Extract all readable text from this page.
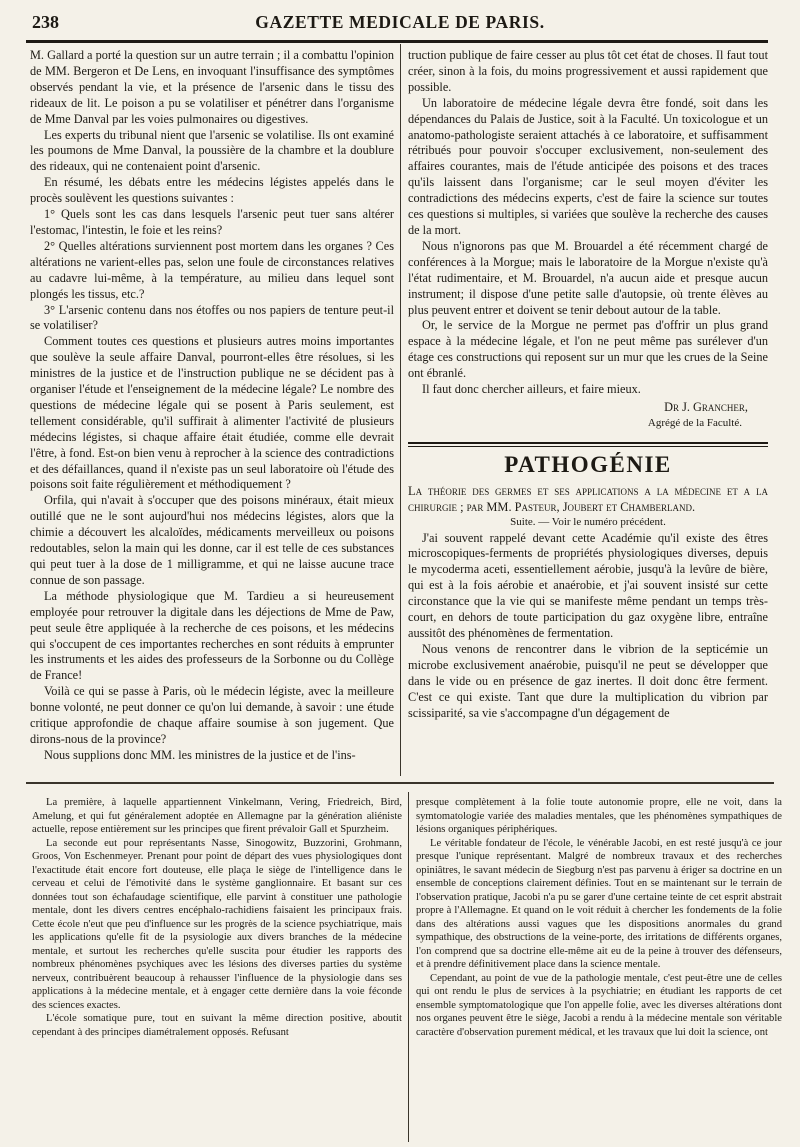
238	GAZETTE MEDICALE DE PARIS.

M. Gallard a porté la question sur un autre terrain ; il a combattu l'opinion de MM. Bergeron et De Lens, en invoquant l'insuffisance des symptômes observés pendant la vie, et la présence de l'arsenic dans le tissu des rideaux de lit. Le poison a pu se volatiliser et pénétrer dans l'organisme de Mme Danval par les voies pulmonaires ou digestives.

Les experts du tribunal nient que l'arsenic se volatilise. Ils ont examiné les poumons de Mme Danval, la poussière de la chambre et la doublure des rideaux, qui ne contenaient point d'arsenic.

En résumé, les débats entre les médecins légistes appelés dans le procès soulèvent les questions suivantes :

1° Quels sont les cas dans lesquels l'arsenic peut tuer sans altérer l'estomac, l'intestin, le foie et les reins?

2° Quelles altérations surviennent post mortem dans les organes ? Ces altérations ne varient-elles pas, selon une foule de circonstances relatives au cadavre lui-même, à la température, au milieu dans lequel sont plongés les tissus, etc.?

3° L'arsenic contenu dans nos étoffes ou nos papiers de tenture peut-il se volatiliser?

Comment toutes ces questions et plusieurs autres moins importantes que soulève la seule affaire Danval, pourront-elles être résolues, si les ministres de la justice et de l'instruction publique ne se décident pas à organiser l'étude et l'enseignement de la médecine légale? Le nombre des questions de médecine légale qui se posent à Paris seulement, est tellement considérable, qu'il suffirait à alimenter l'activité de plusieurs médecins légistes, si chaque affaire était étudiée, comme elle devrait l'être, à fond. Est-on bien venu à reprocher à la science des contradictions et des défaillances, quand il n'existe pas un seul laboratoire où l'étude des poisons soit faite régulièrement et méthodiquement ?

Orfila, qui n'avait à s'occuper que des poisons minéraux, était mieux outillé que ne le sont aujourd'hui nos médecins légistes, alors que la chimie a découvert les alcaloïdes, médicaments merveilleux ou poisons redoutables, selon la main qui les donne, car il est telle de ces substances qui peut tuer à la dose de 1 milligramme, et qui ne laisse aucune trace connue de son passage.

La méthode physiologique que M. Tardieu a si heureusement employée pour retrouver la digitale dans les déjections de Mme de Paw, peut seule être appliquée à la recherche de ces poisons, et les médecins qui s'occupent de ces importantes recherches en sont réduits à emprunter les instruments et les aides des professeurs de la Sorbonne ou du Collège de France!

Voilà ce qui se passe à Paris, où le médecin légiste, avec la meilleure bonne volonté, ne peut donner ce qu'on lui demande, à savoir : une étude critique approfondie de chaque affaire soumise à son jugement. Que dirons-nous de la province?

Nous supplions donc MM. les ministres de la justice et de l'ins-

truction publique de faire cesser au plus tôt cet état de choses. Il faut tout créer, sinon à la fois, du moins progressivement et aussi rapidement que possible.

Un laboratoire de médecine légale devra être fondé, soit dans les dépendances du Palais de Justice, soit à la Faculté. Un toxicologue et un anatomo-pathologiste seraient attachés à ce laboratoire, et suffisamment rétribués pour pouvoir s'occuper exclusivement, non-seulement des affaires courantes, mais de l'étude anticipée des poisons et des traces qu'ils laissent dans l'organisme; car le seul moyen d'éviter les contradictions des médecins experts, c'est de faire la science sur toutes ces questions si multiples, si variées que soulève la recherche des causes de la mort.

Nous n'ignorons pas que M. Brouardel a été récemment chargé de conférences à la Morgue; mais le laboratoire de la Morgue n'existe qu'à l'état rudimentaire, et M. Brouardel, n'a aucun aide et presque aucun instrument; il dispose d'une petite salle d'autopsie, où trente élèves au plus peuvent entrer et doivent se tenir debout autour de la table.

Or, le service de la Morgue ne permet pas d'offrir un plus grand espace à la médecine légale, et l'on ne peut même pas surélever d'un étage ces constructions qui reposent sur un mur que les crues de la Seine ont ébranlé.

Il faut donc chercher ailleurs, et faire mieux.

Dr J. Grancher,
Agrégé de la Faculté.
PATHOGÉNIE

La théorie des germes et ses applications a la médecine et a la chirurgie ; par MM. Pasteur, Joubert et Chamberland.

Suite. — Voir le numéro précédent.

J'ai souvent rappelé devant cette Académie qu'il existe des êtres microscopiques-ferments de propriétés physiologiques diverses, depuis le mycoderma aceti, essentiellement aérobie, jusqu'à la levûre de bière, qui est à la fois aérobie et anaérobie, et j'ai souvent insisté sur cette circonstance que la vie qui se manifeste même pendant un temps très-court, en dehors de toute participation du gaz oxygène libre, entraîne aussitôt des phénomènes de fermentation.

Nous venons de rencontrer dans le vibrion de la septicémie un microbe exclusivement anaérobie, puisqu'il ne peut se développer que dans le vide ou en présence de gaz inertes. Il doit donc être ferment. C'est ce qui existe. Tant que dure la multiplication du vibrion par scissiparité, sa vie s'accompagne d'un dégagement de

La première, à laquelle appartiennent Vinkelmann, Vering, Friedreich, Bird, Amelung, et qui fut généralement adoptée en Allemagne par la génération aliéniste actuelle, repose entièrement sur les principes que firent prévaloir Gall et Spurzheim.

La seconde eut pour représentants Nasse, Sinogowitz, Buzzorini, Grohmann, Groos, Von Eschenmeyer. Prenant pour point de départ des vues physiologiques dont l'exactitude était encore fort douteuse, elle plaça le siège de l'intelligence dans le cerveau et celui de l'émotivité dans le système ganglionnaire. Et basant sur ces données tout son échafaudage scientifique, elle parvint à constituer une pathologie mentale, dont les divers centres encéphalo-rachidiens faisaient les principaux frais. Cette école n'eut que peu d'influence sur les progrès de la science psychiatrique, mais les applications qu'elle fit de la psysiologie aux divers branches de la médecine mentale, et surtout les recherches qu'elle suscita pour étudier les rapports des nombreux phénomènes psychiques avec les lésions des diverses parties du système nerveux, contribuèrent beaucoup à rehausser l'influence de la physiologie dans ses applications à la médecine mentale, et à engager cette dernière dans la voie féconde des sciences exactes.

L'école somatique pure, tout en suivant la même direction positive, aboutit cependant à des principes diamétralement opposés. Refusant

presque complètement à la folie toute autonomie propre, elle ne voit, dans la symtomatologie variée des maladies mentales, que les phénomènes sympathiques de lésions organiques périphériques.

Le véritable fondateur de l'école, le vénérable Jacobi, en est resté jusqu'à ce jour presque l'unique représentant. Malgré de nombreux travaux et des recherches opiniâtres, le savant médecin de Siegburg n'est pas parvenu à ériger sa doctrine en un ensemble de conceptions clairement définies. Tout en se maintenant sur le terrain de l'observation pratique, Jacobi n'a pu se garer d'une certaine teinte de cet esprit abstrait propre à l'Allemagne. Et quand on le voit réduit à chercher les fondements de la folie dans des altérations aussi vagues que les dispositions anormales du grand sympathique, des obstructions de la veine-porte, des irritations de différents organes, l'on comprend que sa doctrine elle-même ait eu de la peine à trouver des défenseurs, et à prendre définitivement place dans la science mentale.

Cependant, au point de vue de la pathologie mentale, c'est peut-être une de celles qui ont rendu le plus de services à la psychiatrie; en étudiant les rapports de cet ensemble symptomatologique que l'on appelle folie, avec les diverses altérations dont nos organes peuvent être le siège, Jacobi a rendu à la médecine mentale son véritable caractère d'observation purement médical, et les travaux que lui doit la science, ont
